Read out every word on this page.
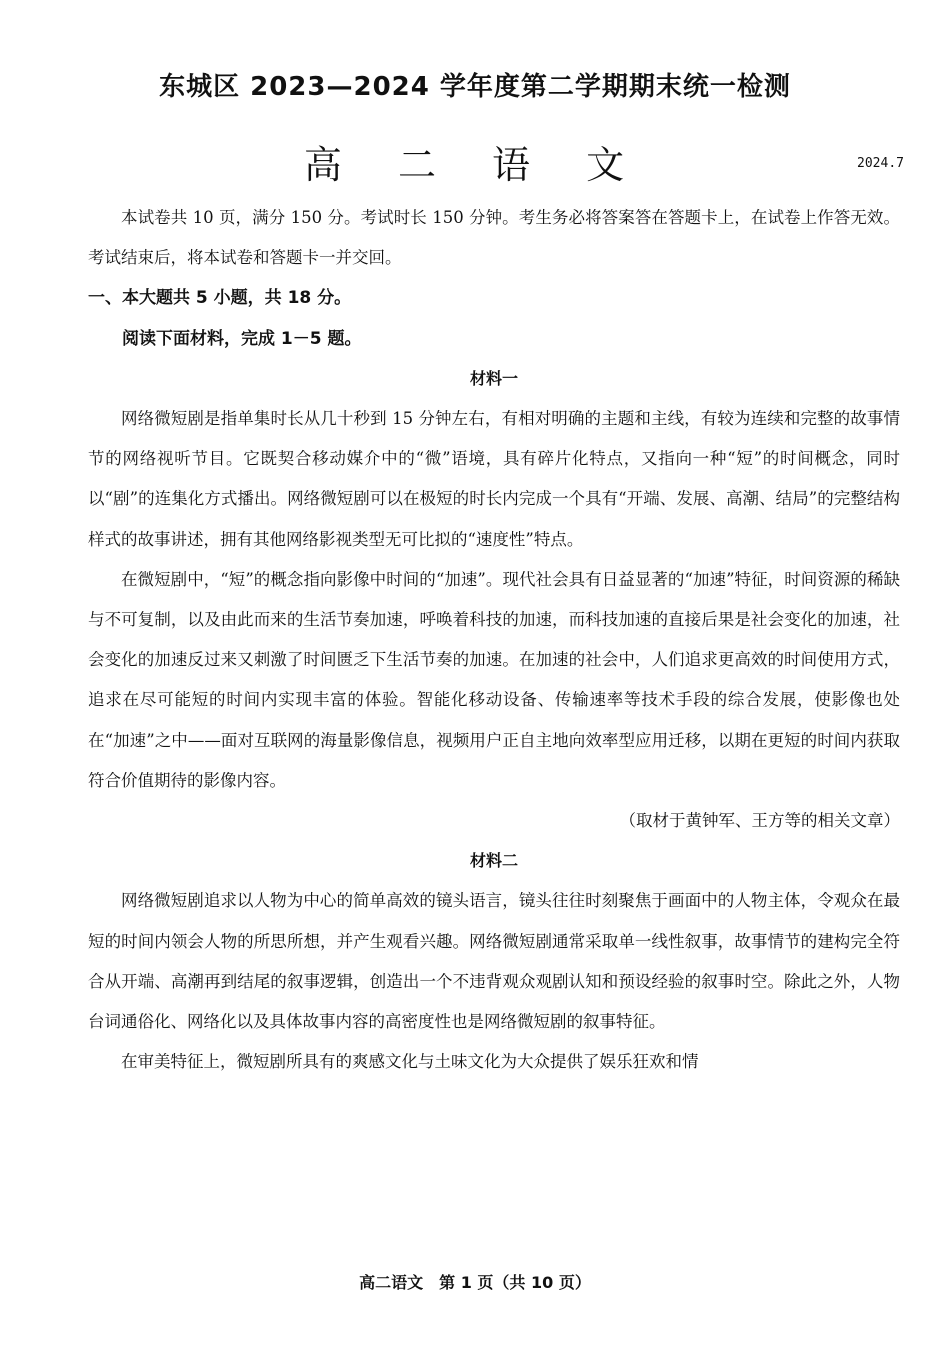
东城区 2023—2024 学年度第二学期期末统一检测
高 二 语 文	2024.7

本试卷共 10 页，满分 150 分。考试时长 150 分钟。考生务必将答案答在答题卡上，在试卷上作答无效。考试结束后，将本试卷和答题卡一并交回。

一、本大题共 5 小题，共 18 分。

阅读下面材料，完成 1－5 题。

材料一

网络微短剧是指单集时长从几十秒到 15 分钟左右，有相对明确的主题和主线，有较为连续和完整的故事情节的网络视听节目。它既契合移动媒介中的“微”语境，具有碎片化特点，又指向一种“短”的时间概念，同时以“剧”的连集化方式播出。网络微短剧可以在极短的时长内完成一个具有“开端、发展、高潮、结局”的完整结构样式的故事讲述，拥有其他网络影视类型无可比拟的“速度性”特点。

在微短剧中，“短”的概念指向影像中时间的“加速”。现代社会具有日益显著的“加速”特征，时间资源的稀缺与不可复制，以及由此而来的生活节奏加速，呼唤着科技的加速，而科技加速的直接后果是社会变化的加速，社会变化的加速反过来又刺激了时间匮乏下生活节奏的加速。在加速的社会中，人们追求更高效的时间使用方式，追求在尽可能短的时间内实现丰富的体验。智能化移动设备、传输速率等技术手段的综合发展，使影像也处在“加速”之中——面对互联网的海量影像信息，视频用户正自主地向效率型应用迁移，以期在更短的时间内获取符合价值期待的影像内容。

（取材于黄钟军、王方等的相关文章）

材料二

网络微短剧追求以人物为中心的简单高效的镜头语言，镜头往往时刻聚焦于画面中的人物主体，令观众在最短的时间内领会人物的所思所想，并产生观看兴趣。网络微短剧通常采取单一线性叙事，故事情节的建构完全符合从开端、高潮再到结尾的叙事逻辑，创造出一个不违背观众观剧认知和预设经验的叙事时空。除此之外，人物台词通俗化、网络化以及具体故事内容的高密度性也是网络微短剧的叙事特征。

在审美特征上，微短剧所具有的爽感文化与土味文化为大众提供了娱乐狂欢和情

高二语文　第 1 页（共 10 页）
